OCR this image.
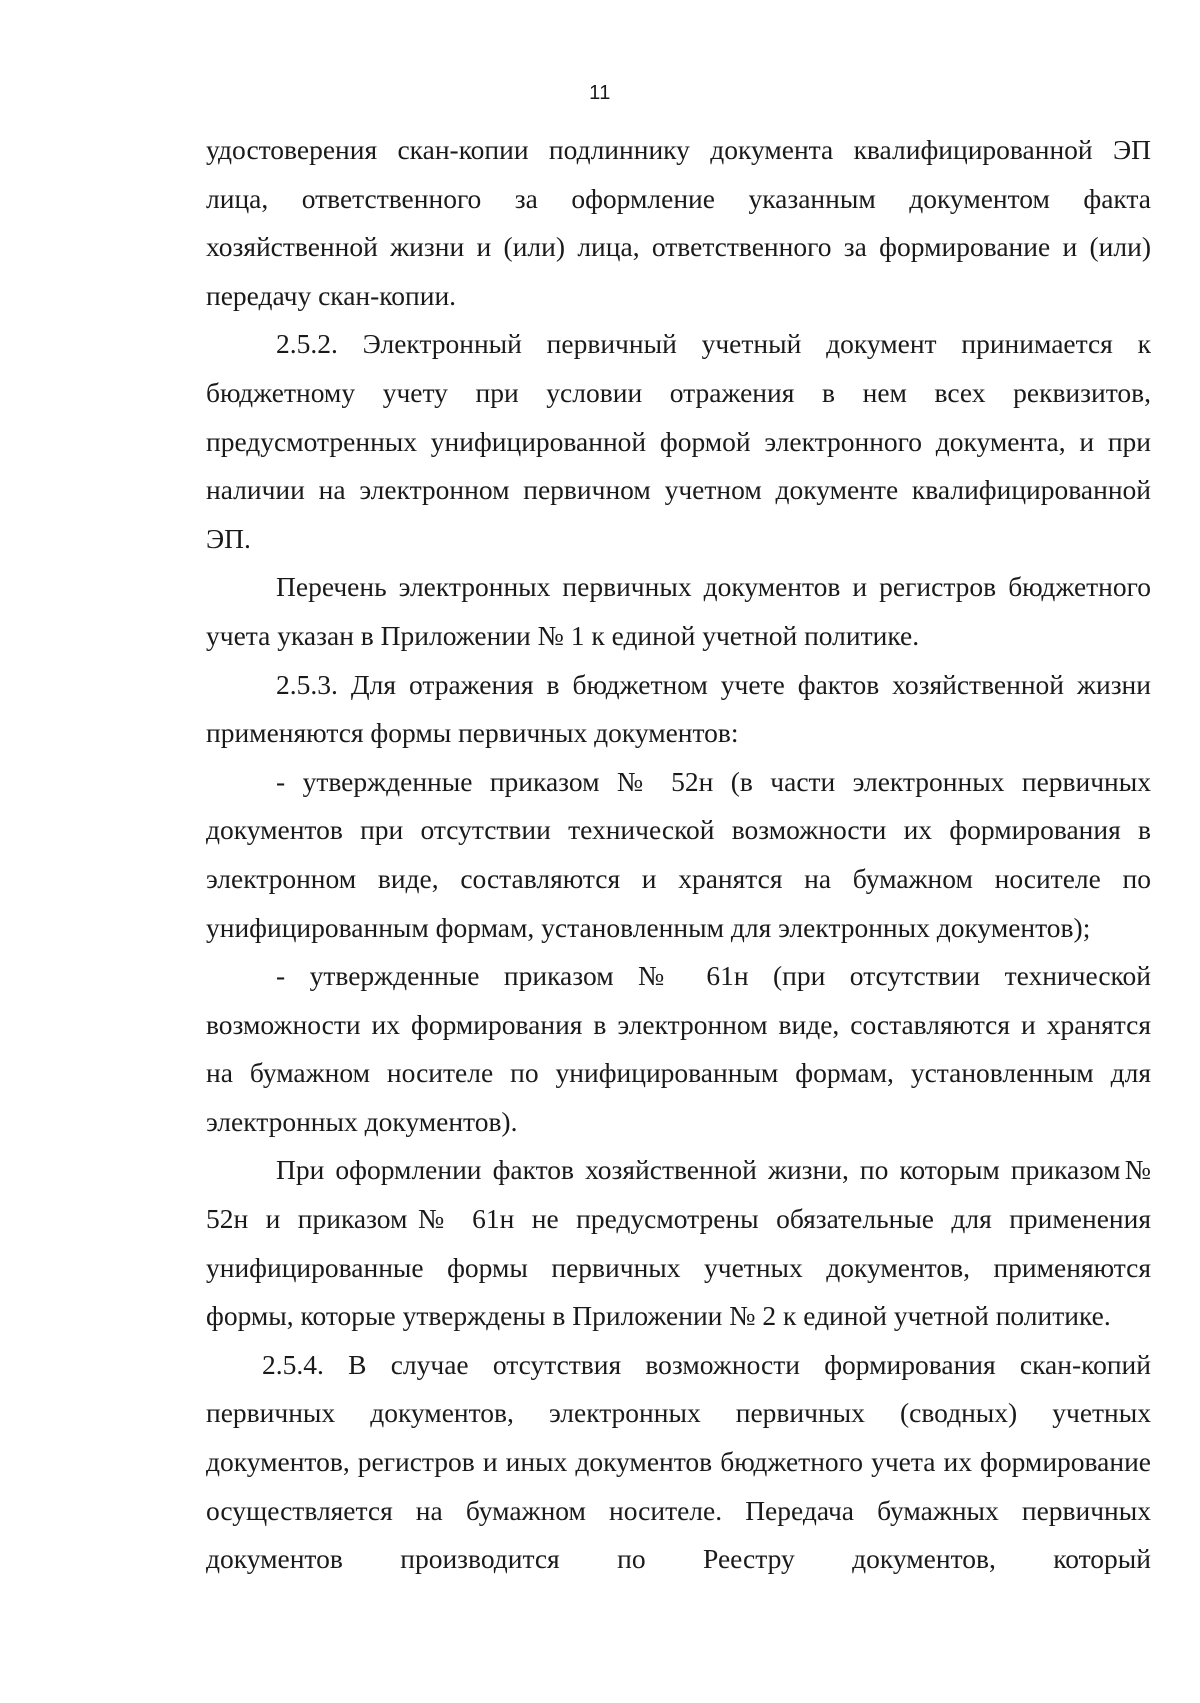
11

удостоверения скан-копии подлиннику документа квалифицированной ЭП лица, ответственного за оформление указанным документом факта хозяйственной жизни и (или) лица, ответственного за формирование и (или) передачу скан-копии.

2.5.2. Электронный первичный учетный документ принимается к бюджетному учету при условии отражения в нем всех реквизитов, предусмотренных унифицированной формой электронного документа, и при наличии на электронном первичном учетном документе квалифицированной ЭП.

Перечень электронных первичных документов и регистров бюджетного учета указан в Приложении № 1 к единой учетной политике.

2.5.3. Для отражения в бюджетном учете фактов хозяйственной жизни применяются формы первичных документов:

- утвержденные приказом № 52н (в части электронных первичных документов при отсутствии технической возможности их формирования в электронном виде, составляются и хранятся на бумажном носителе по унифицированным формам, установленным для электронных документов);

- утвержденные приказом № 61н (при отсутствии технической возможности их формирования в электронном виде, составляются и хранятся на бумажном носителе по унифицированным формам, установленным для электронных документов).

При оформлении фактов хозяйственной жизни, по которым приказом№ 52н и приказом№ 61н не предусмотрены обязательные для применения унифицированные формы первичных учетных документов, применяются формы, которые утверждены в Приложении № 2 к единой учетной политике.

2.5.4. В случае отсутствия возможности формирования скан-копий первичных документов, электронных первичных (сводных) учетных документов, регистров и иных документов бюджетного учета их формирование осуществляется на бумажном носителе. Передача бумажных первичных документов производится по Реестру документов, который
